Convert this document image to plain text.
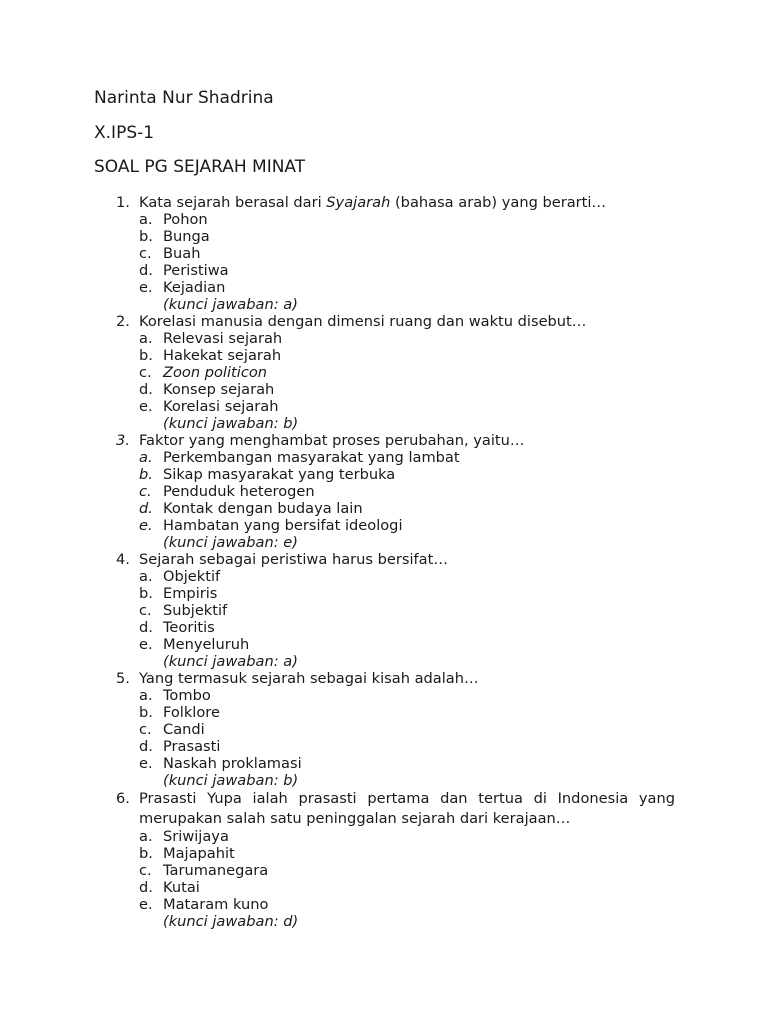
Narinta Nur Shadrina
X.IPS-1
SOAL PG SEJARAH MINAT
1. Kata sejarah berasal dari Syajarah (bahasa arab) yang berarti…
a. Pohon
b. Bunga
c. Buah
d. Peristiwa
e. Kejadian
(kunci jawaban: a)
2. Korelasi manusia dengan dimensi ruang dan waktu disebut…
a. Relevasi sejarah
b. Hakekat sejarah
c. Zoon politicon
d. Konsep sejarah
e. Korelasi sejarah
(kunci jawaban: b)
3. Faktor yang menghambat proses perubahan, yaitu…
a. Perkembangan masyarakat yang lambat
b. Sikap masyarakat yang terbuka
c. Penduduk heterogen
d. Kontak dengan budaya lain
e. Hambatan yang bersifat ideologi
(kunci jawaban: e)
4. Sejarah sebagai peristiwa harus bersifat…
a. Objektif
b. Empiris
c. Subjektif
d. Teoritis
e. Menyeluruh
(kunci jawaban: a)
5. Yang termasuk sejarah sebagai kisah adalah…
a. Tombo
b. Folklore
c. Candi
d. Prasasti
e. Naskah proklamasi
(kunci jawaban: b)
6. Prasasti Yupa ialah prasasti pertama dan tertua di Indonesia yang
merupakan salah satu peninggalan sejarah dari kerajaan…
a. Sriwijaya
b. Majapahit
c. Tarumanegara
d. Kutai
e. Mataram kuno
(kunci jawaban: d)
